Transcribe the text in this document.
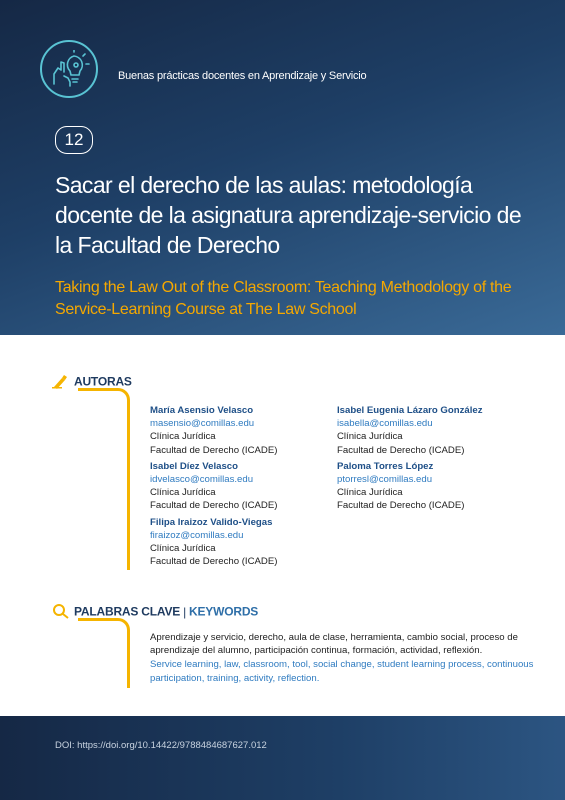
Buenas prácticas docentes en Aprendizaje y Servicio
12
Sacar el derecho de las aulas: metodología docente de la asignatura aprendizaje-servicio de la Facultad de Derecho
Taking the Law Out of the Classroom: Teaching Methodology of the Service-Learning Course at The Law School
AUTORAS
María Asensio Velasco
masensio@comillas.edu
Clínica Jurídica
Facultad de Derecho (ICADE)
Isabel Díez Velasco
idvelasco@comillas.edu
Clínica Jurídica
Facultad de Derecho (ICADE)
Filipa Iraizoz Valido-Viegas
firaizoz@comillas.edu
Clínica Jurídica
Facultad de Derecho (ICADE)
Isabel Eugenia Lázaro González
isabella@comillas.edu
Clínica Jurídica
Facultad de Derecho (ICADE)
Paloma Torres López
ptorresl@comillas.edu
Clínica Jurídica
Facultad de Derecho (ICADE)
PALABRAS CLAVE | KEYWORDS
Aprendizaje y servicio, derecho, aula de clase, herramienta, cambio social, proceso de aprendizaje del alumno, participación continua, formación, actividad, reflexión.
Service learning, law, classroom, tool, social change, student learning process, continuous participation, training, activity, reflection.
DOI: https://doi.org/10.14422/9788484687627.012
